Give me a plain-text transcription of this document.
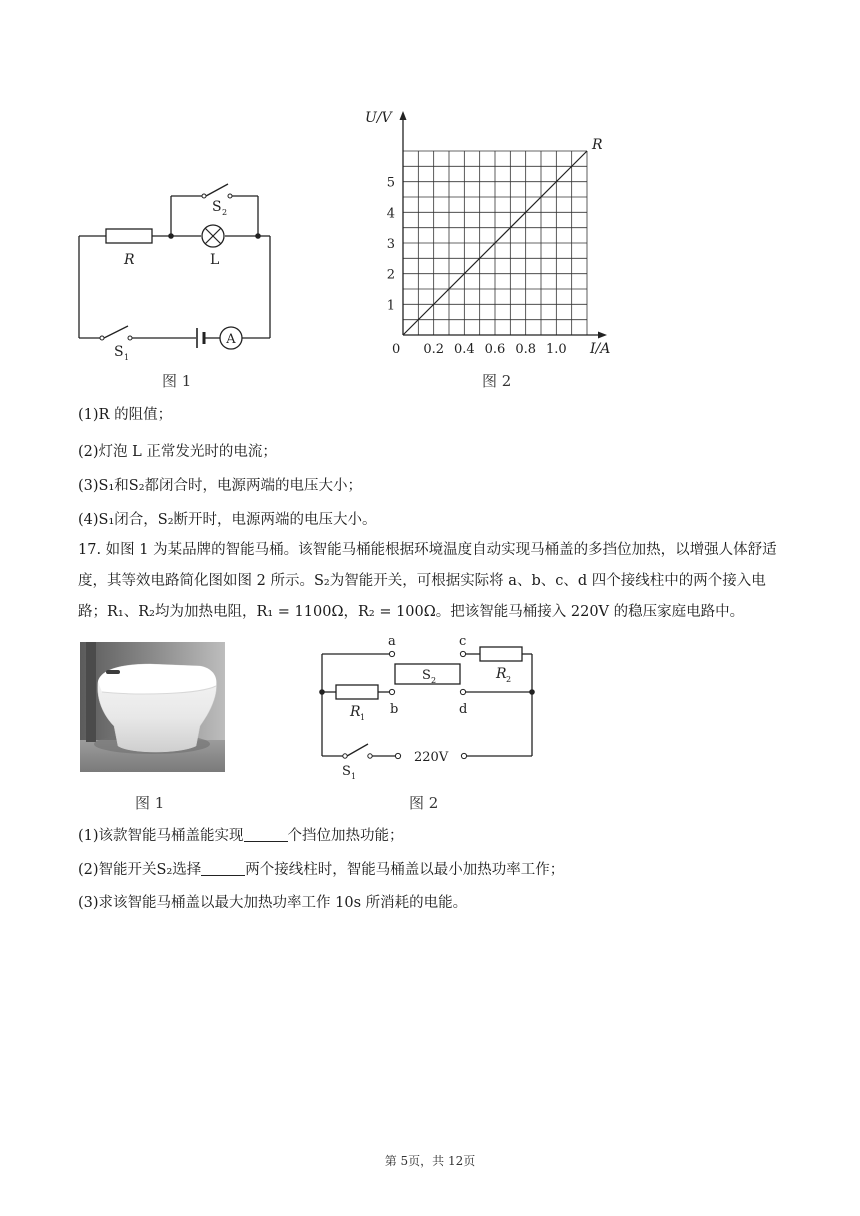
A
S 2
L
R
S 1
图 1
0.2 0.4 0.6 0.8 1.0
1
2
3
4
5
U/V
I/A
R
0
图 2
(1)R 的阻值；
(2)灯泡 L 正常发光时的电流；
(3)S₁和S₂都闭合时，电源两端的电压大小；
(4)S₁闭合，S₂断开时，电源两端的电压大小。
17. 如图 1 为某品牌的智能马桶。该智能马桶能根据环境温度自动实现马桶盖的多挡位加热，以增强人体舒适度，其等效电路简化图如图 2 所示。S₂为智能开关，可根据实际将 a、b、c、d 四个接线柱中的两个接入电路；R₁、R₂均为加热电阻，R₁ = 1100Ω，R₂ = 100Ω。把该智能马桶接入 220V 的稳压家庭电路中。
图 1
a	c
b	d
S 2	R 2
R 1
S 1
220V
图 2
(1)该款智能马桶盖能实现	个挡位加热功能；
(2)智能开关S₂选择	两个接线柱时，智能马桶盖以最小加热功率工作；
(3)求该智能马桶盖以最大加热功率工作 10s 所消耗的电能。
第 5页，共 12页
